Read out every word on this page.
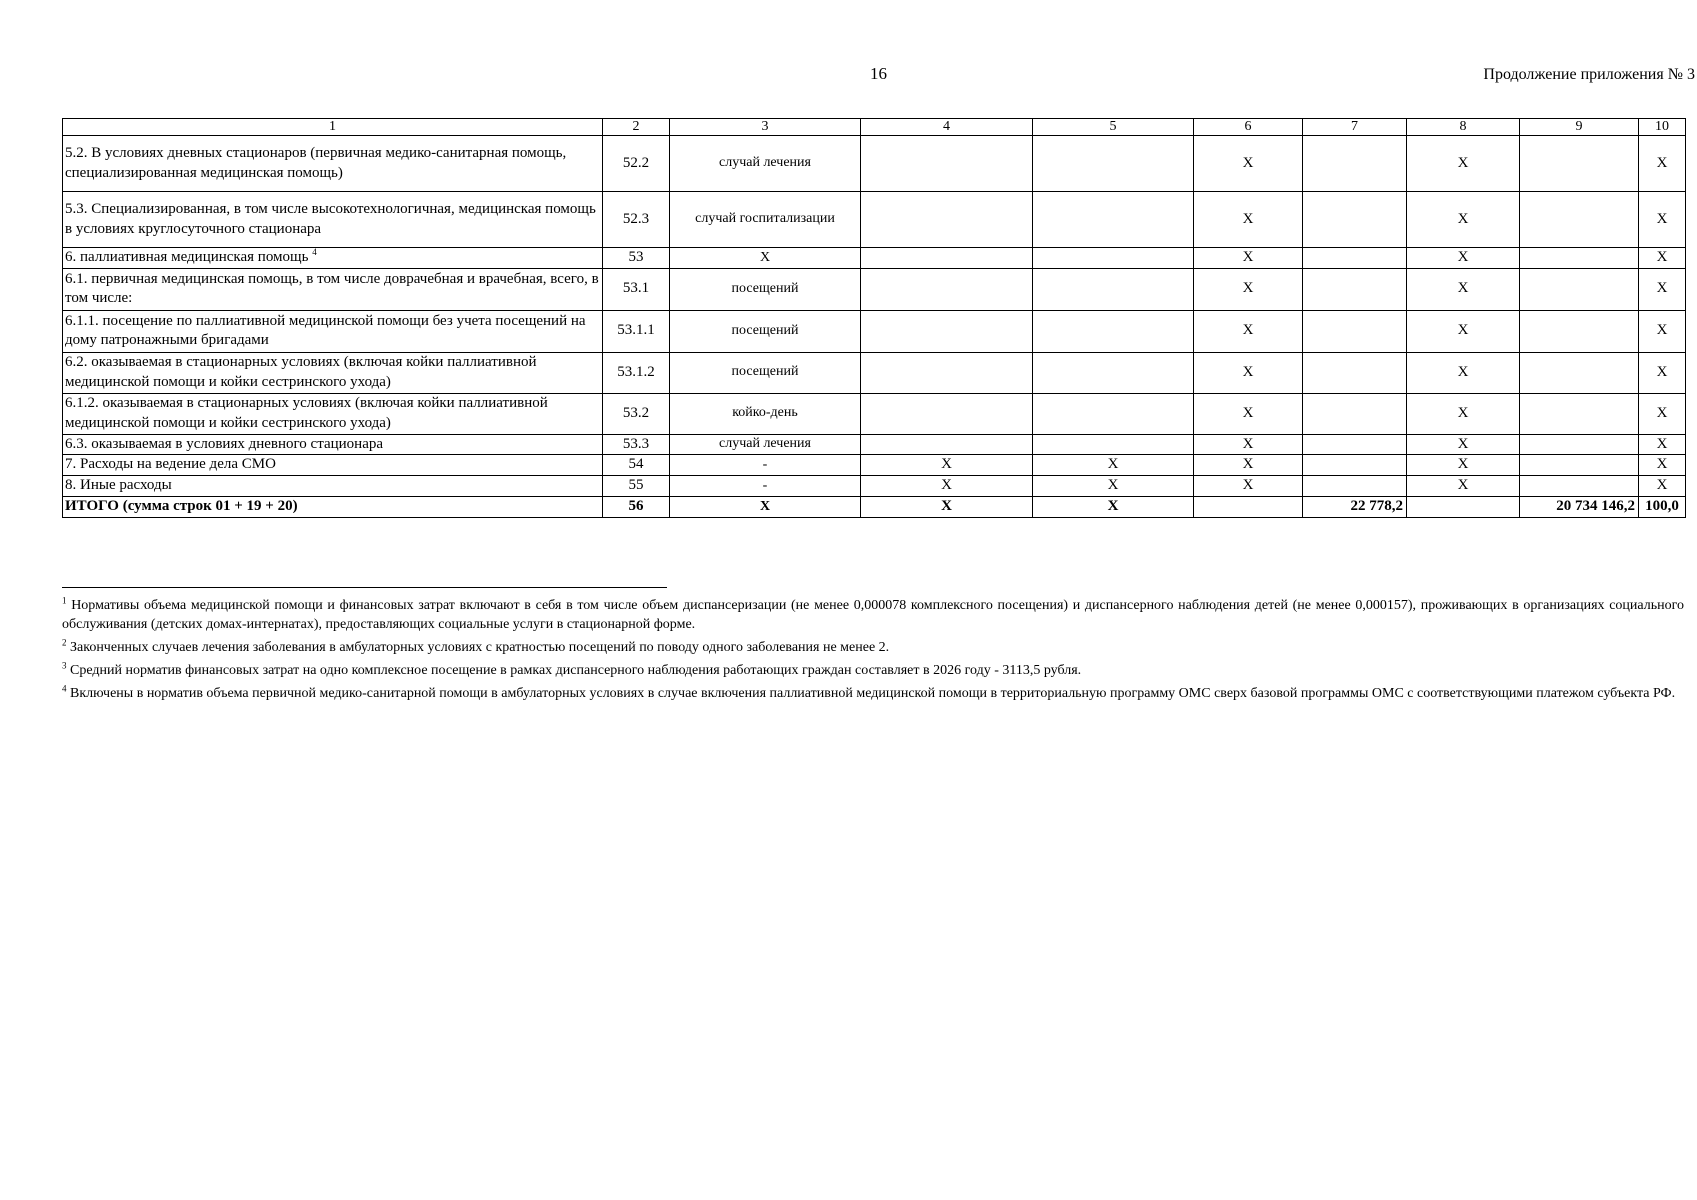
16	Продолжение приложения № 3
1	2	3	4	5	6	7	8	9	10
5.2. В условиях дневных стационаров (первичная медико-санитарная помощь, специализированная медицинская помощь)	52.2	случай лечения			Х		Х		Х
5.3. Специализированная, в том числе высокотехнологичная, медицинская помощь в условиях круглосуточного стационара	52.3	случай госпитализации			Х		Х		Х
6. паллиативная медицинская помощь $^4$	53	Х			Х		Х		Х
6.1. первичная медицинская помощь, в том числе доврачебная и врачебная, всего, в том числе:	53.1	посещений			Х		Х		Х
6.1.1. посещение по паллиативной медицинской помощи без учета посещений на дому патронажными бригадами	53.1.1	посещений			Х		Х		Х
6.2. оказываемая в стационарных условиях (включая койки паллиативной медицинской помощи и койки сестринского ухода)	53.1.2	посещений			Х		Х		Х
6.1.2. оказываемая в стационарных условиях (включая койки паллиативной медицинской помощи и койки сестринского ухода)	53.2	койко-день			Х		Х		Х
6.3. оказываемая в условиях дневного стационара	53.3	случай лечения			Х		Х		Х
7. Расходы на ведение дела СМО	54	-	Х	Х	Х		Х		Х
8. Иные расходы	55	-	Х	Х	Х		Х		Х
ИТОГО (сумма строк 01 + 19 + 20)	56	Х	Х	Х		22 778,2		20 734 146,2	100,0

$^1$ Нормативы объема медицинской помощи и финансовых затрат включают в себя в том числе объем диспансеризации (не менее 0,000078 комплексного посещения) и диспансерного наблюдения детей (не менее 0,000157), проживающих в организациях социального обслуживания (детских домах-интернатах), предоставляющих социальные услуги в стационарной форме.

$^2$ Законченных случаев лечения заболевания в амбулаторных условиях с кратностью посещений по поводу одного заболевания не менее 2.

$^3$ Средний норматив финансовых затрат на одно комплексное посещение в рамках диспансерного наблюдения работающих граждан составляет в 2026 году - 3113,5 рубля.

$^4$ Включены в норматив объема первичной медико-санитарной помощи в амбулаторных условиях в случае включения паллиативной медицинской помощи в территориальную программу ОМС сверх базовой программы ОМС с соответствующими платежом субъекта РФ.
